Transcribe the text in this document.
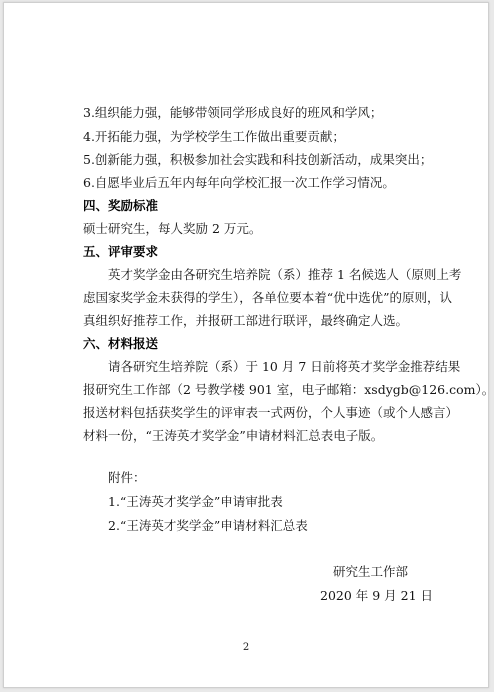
3.组织能力强，能够带领同学形成良好的班风和学风；
4.开拓能力强，为学校学生工作做出重要贡献；
5.创新能力强，积极参加社会实践和科技创新活动，成果突出；
6.自愿毕业后五年内每年向学校汇报一次工作学习情况。
四、奖励标准
硕士研究生，每人奖励 2 万元。
五、评审要求
英才奖学金由各研究生培养院（系）推荐 1 名候选人（原则上考
虑国家奖学金未获得的学生），各单位要本着“优中选优”的原则，认
真组织好推荐工作，并报研工部进行联评，最终确定人选。
六、材料报送
请各研究生培养院（系）于 10 月 7 日前将英才奖学金推荐结果
报研究生工作部（2 号教学楼 901 室，电子邮箱：xsdygb@126.com）。
报送材料包括获奖学生的评审表一式两份，个人事迹（或个人感言）
材料一份，“王涛英才奖学金”申请材料汇总表电子版。
附件：
1.“王涛英才奖学金”申请审批表
2.“王涛英才奖学金”申请材料汇总表
研究生工作部
2020 年 9 月 21 日
2
